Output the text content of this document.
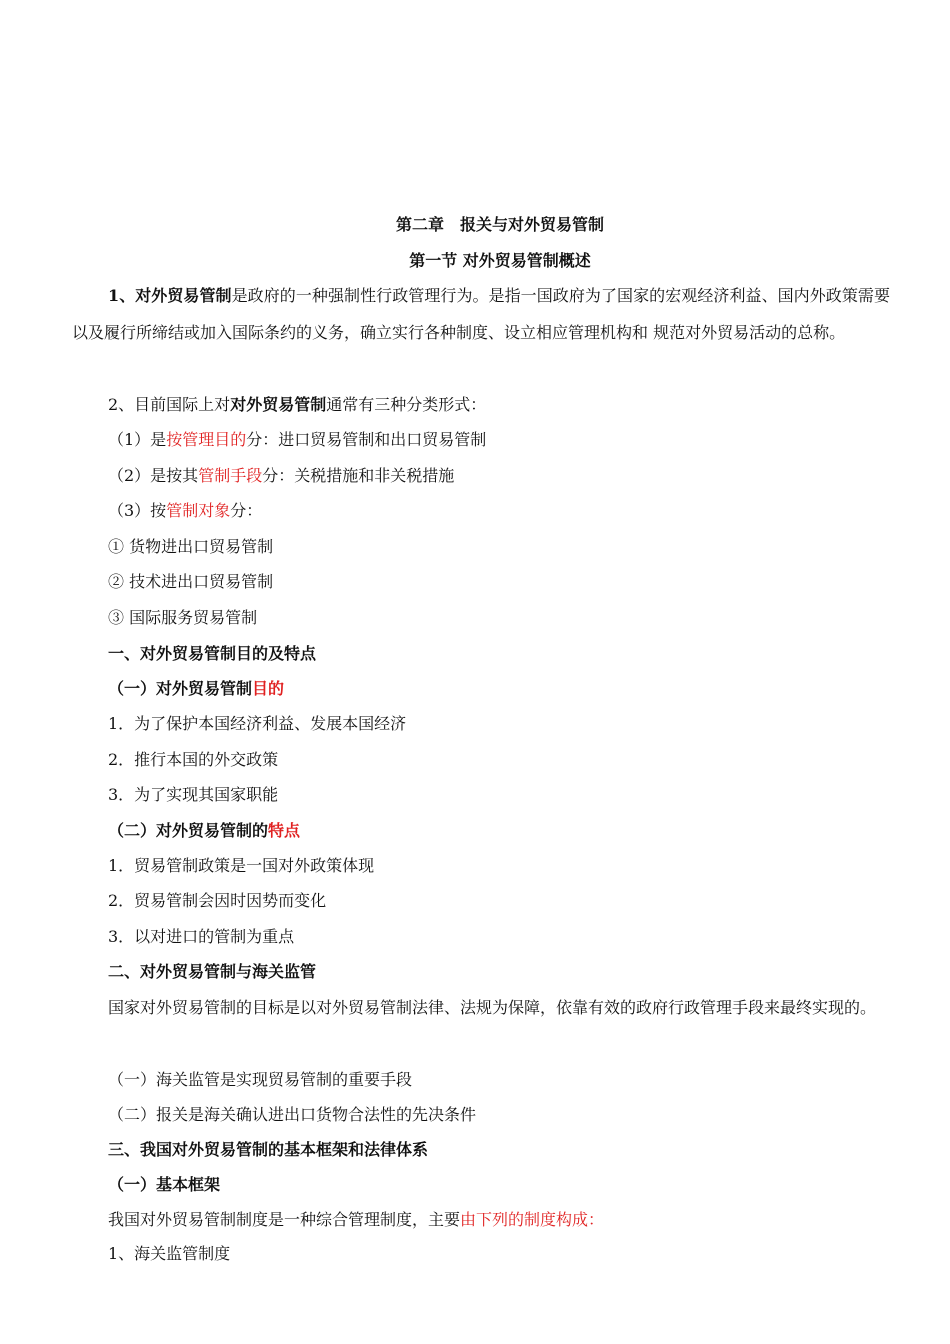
第二章　报关与对外贸易管制
第一节 对外贸易管制概述
1、对外贸易管制是政府的一种强制性行政管理行为。是指一国政府为了国家的宏观经济利益、国内外政策需要以及履行所缔结或加入国际条约的义务，确立实行各种制度、设立相应管理机构和 规范对外贸易活动的总称。
2、目前国际上对对外贸易管制通常有三种分类形式：
（1）是按管理目的分：进口贸易管制和出口贸易管制
（2）是按其管制手段分：关税措施和非关税措施
（3）按管制对象分：
① 货物进出口贸易管制
② 技术进出口贸易管制
③ 国际服务贸易管制
一、对外贸易管制目的及特点
（一）对外贸易管制目的
1．为了保护本国经济利益、发展本国经济
2．推行本国的外交政策
3．为了实现其国家职能
（二）对外贸易管制的特点
1．贸易管制政策是一国对外政策体现
2．贸易管制会因时因势而变化
3．以对进口的管制为重点
二、对外贸易管制与海关监管
国家对外贸易管制的目标是以对外贸易管制法律、法规为保障，依靠有效的政府行政管理手段来最终实现的。
（一）海关监管是实现贸易管制的重要手段
（二）报关是海关确认进出口货物合法性的先决条件
三、我国对外贸易管制的基本框架和法律体系
（一）基本框架
我国对外贸易管制制度是一种综合管理制度，主要由下列的制度构成：
1、海关监管制度
